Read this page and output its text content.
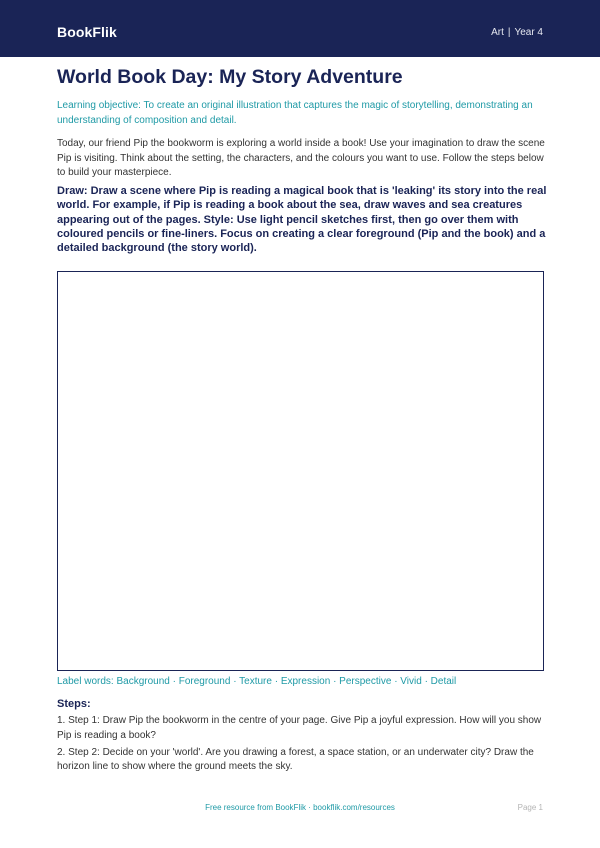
BookFlik	Art | Year 4
World Book Day: My Story Adventure

Learning objective: To create an original illustration that captures the magic of storytelling, demonstrating an understanding of composition and detail.

Today, our friend Pip the bookworm is exploring a world inside a book! Use your imagination to draw the scene Pip is visiting. Think about the setting, the characters, and the colours you want to use. Follow the steps below to build your masterpiece.

Draw: Draw a scene where Pip is reading a magical book that is 'leaking' its story into the real world. For example, if Pip is reading a book about the sea, draw waves and sea creatures appearing out of the pages. Style: Use light pencil sketches first, then go over them with coloured pencils or fine-liners. Focus on creating a clear foreground (Pip and the book) and a detailed background (the story world).

Label words: Background · Foreground · Texture · Expression · Perspective · Vivid · Detail

Steps:

1. Step 1: Draw Pip the bookworm in the centre of your page. Give Pip a joyful expression. How will you show Pip is reading a book?
2. Step 2: Decide on your 'world'. Are you drawing a forest, a space station, or an underwater city? Draw the horizon line to show where the ground meets the sky.
Free resource from BookFlik · bookflik.com/resources	Page 1
